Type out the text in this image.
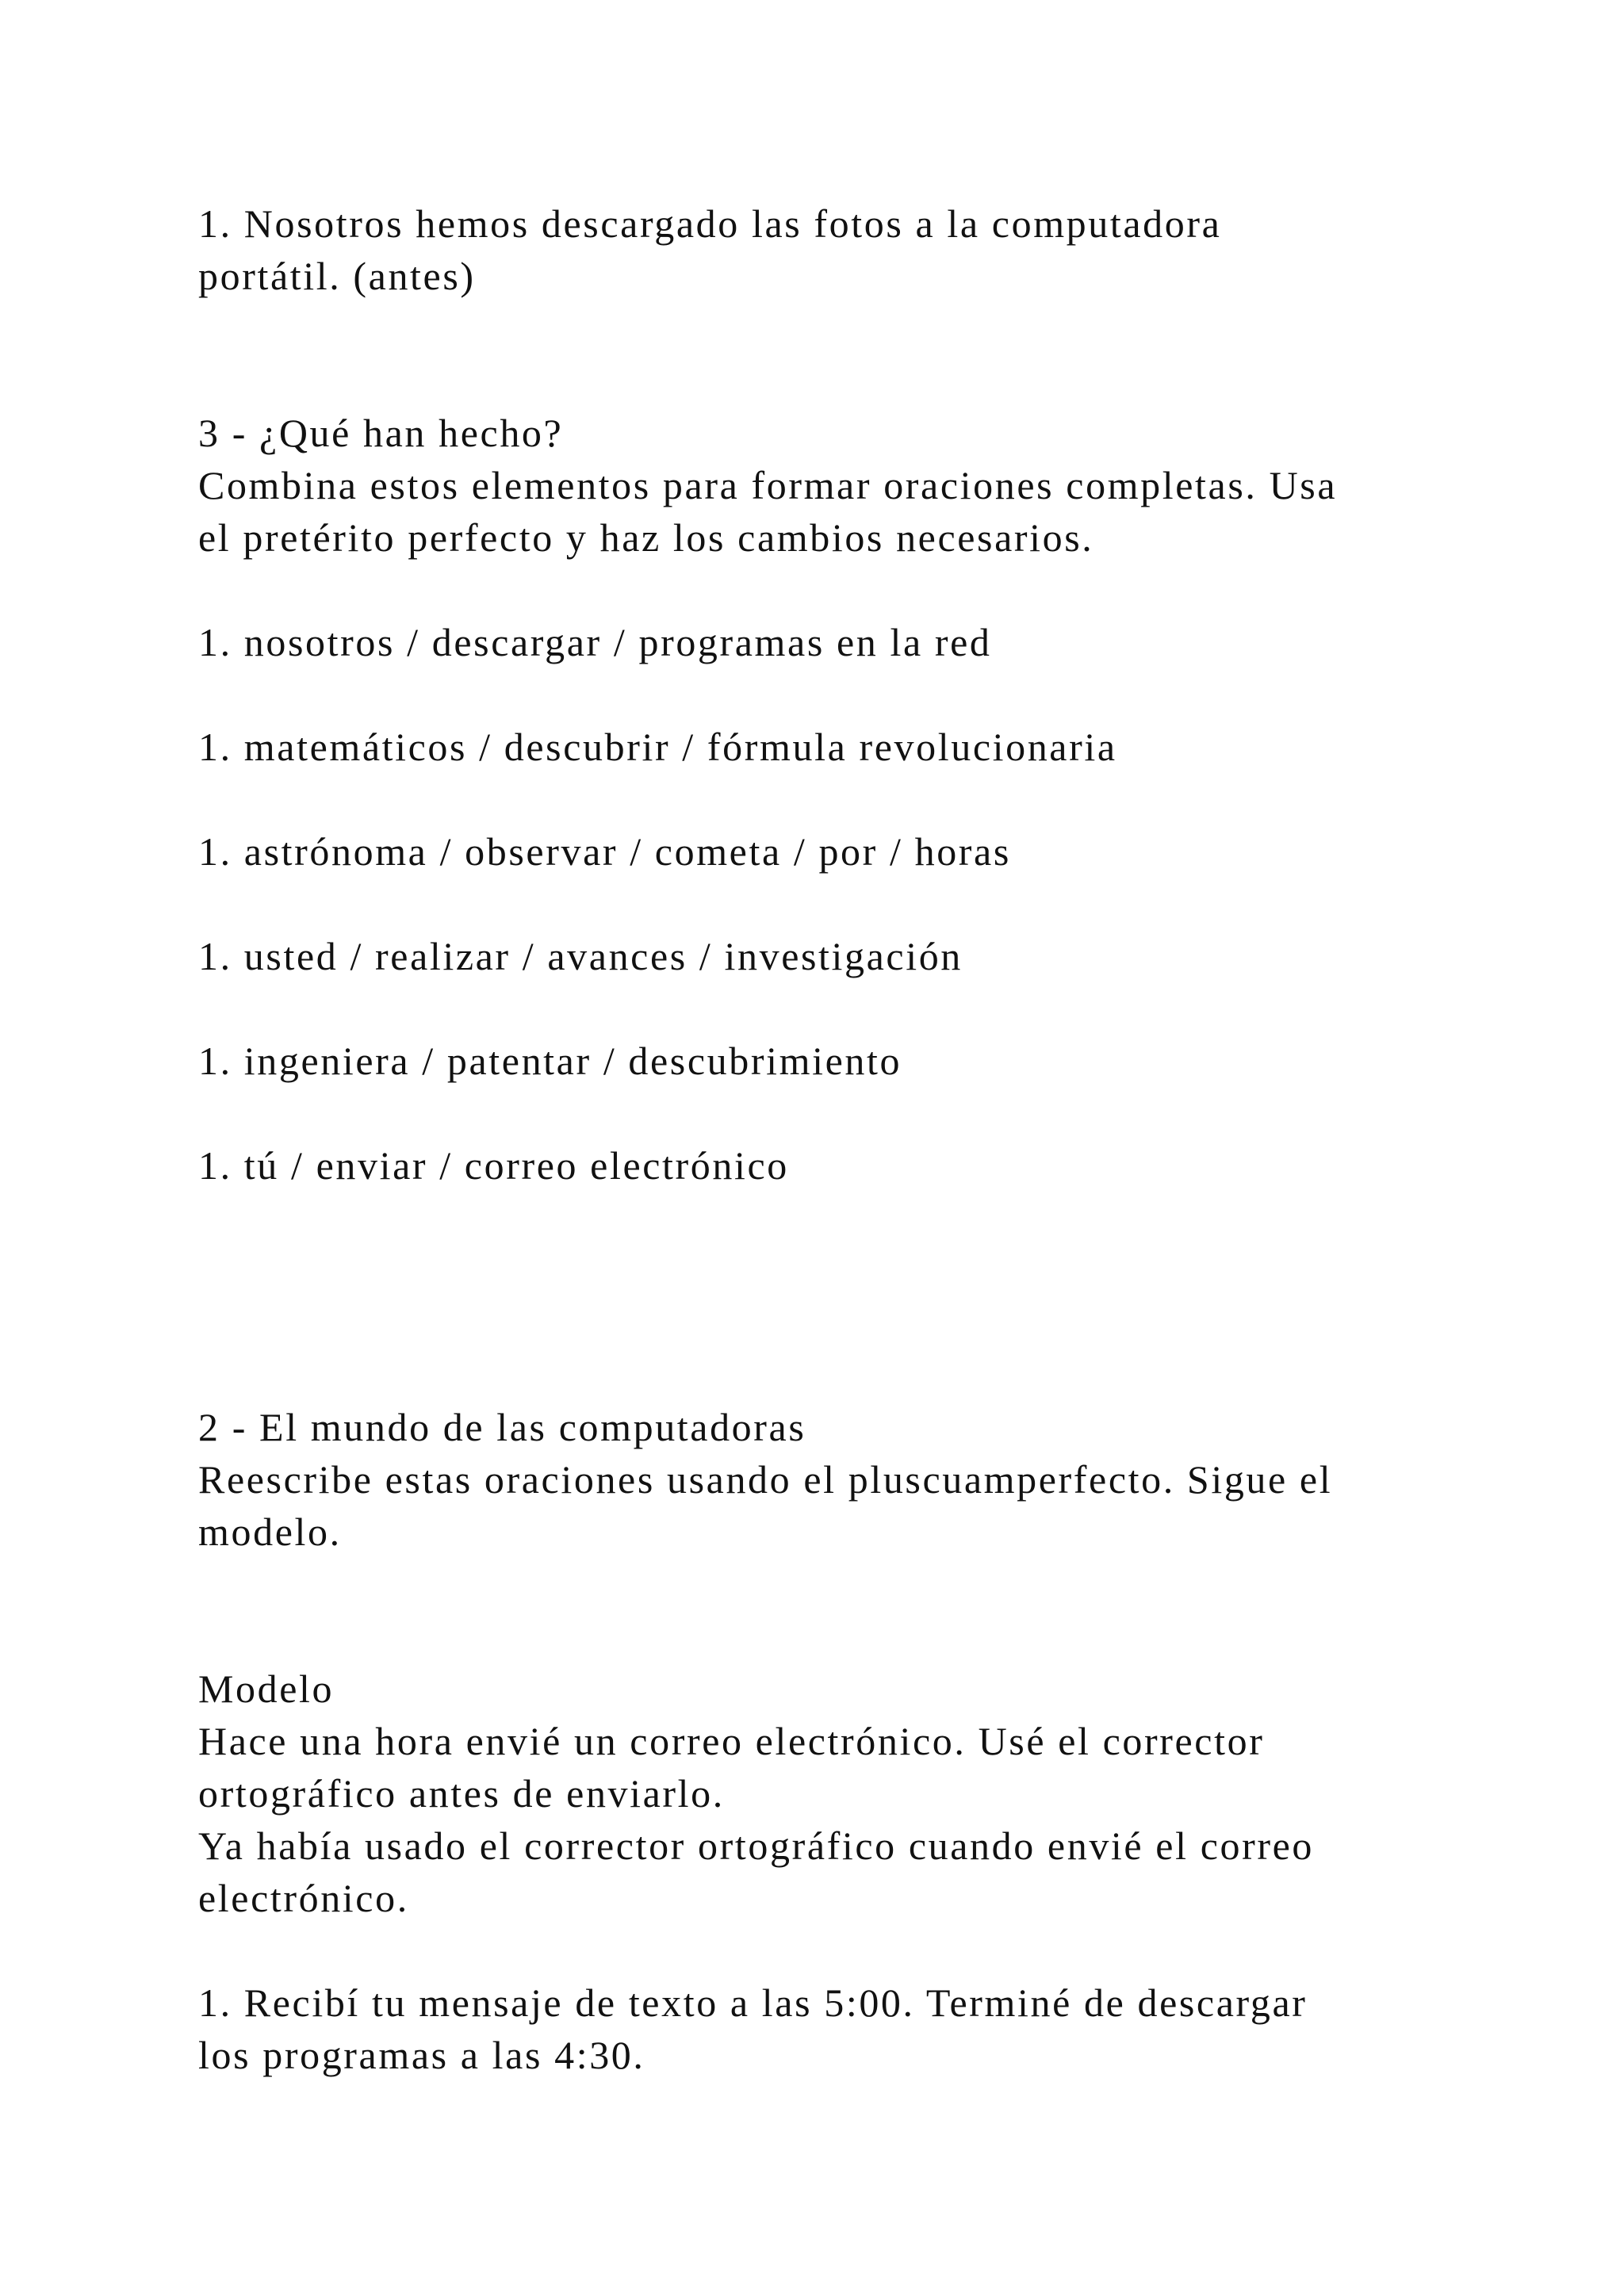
1. Nosotros hemos descargado las fotos a la computadora

portátil. (antes)

3 - ¿Qué han hecho?

Combina estos elementos para formar oraciones completas. Usa

el pretérito perfecto y haz los cambios necesarios.

1. nosotros / descargar / programas en la red

1. matemáticos / descubrir / fórmula revolucionaria

1. astrónoma / observar / cometa / por / horas

1. usted / realizar / avances / investigación

1. ingeniera / patentar / descubrimiento

1. tú / enviar / correo electrónico

2 - El mundo de las computadoras

Reescribe estas oraciones usando el pluscuamperfecto. Sigue el

modelo.

Modelo

Hace una hora envié un correo electrónico. Usé el corrector

ortográfico antes de enviarlo.

Ya había usado el corrector ortográfico cuando envié el correo

electrónico.

1. Recibí tu mensaje de texto a las 5:00. Terminé de descargar

los programas a las 4:30.
